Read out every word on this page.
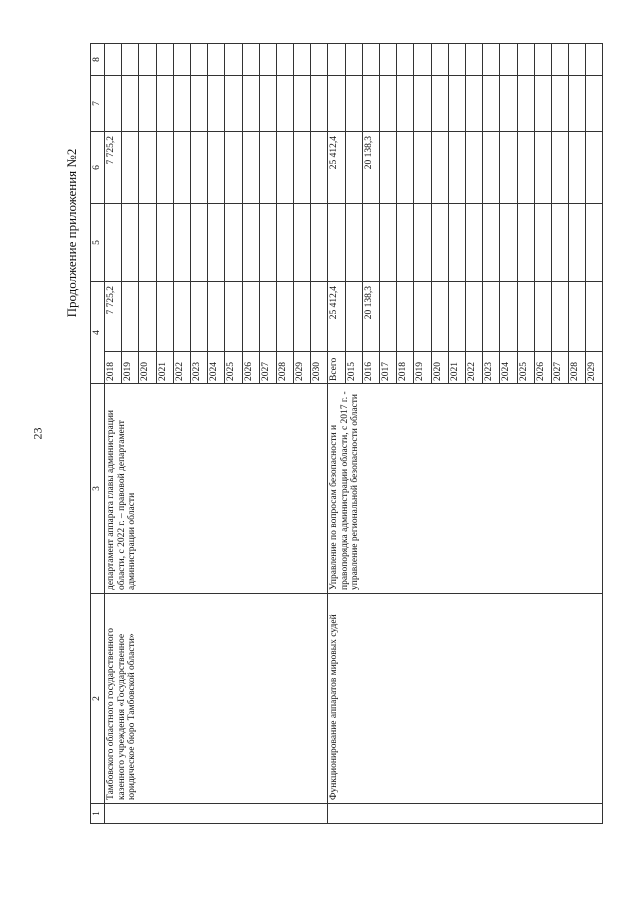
23
Продолжение приложения №2
1	2	3	4		5	6	7	8
	Тамбовского областного государственного казенного учреждения «Государственное юридическое бюро Тамбовской области»	департамент аппарата главы администрации области, с 2022 г. – правовой департамент администрации области	2018	7 725,2		7 725,2		
			2019					
			2020					
			2021					
			2022					
			2023					
			2024					
			2025					
			2026					
			2027					
			2028					
			2029					
			2030					
	Функционирование аппаратов мировых судей	Управление по вопросам безопасности и правопорядка администрации области, с 2017 г. - управление региональной безопасности области	Всего	25 412,4		25 412,4		
			2015					
			2016	20 138,3		20 138,3		
			2017					
			2018					
			2019					
			2020					
			2021					
			2022					
			2023					
			2024					
			2025					
			2026					
			2027					
			2028					
			2029					
